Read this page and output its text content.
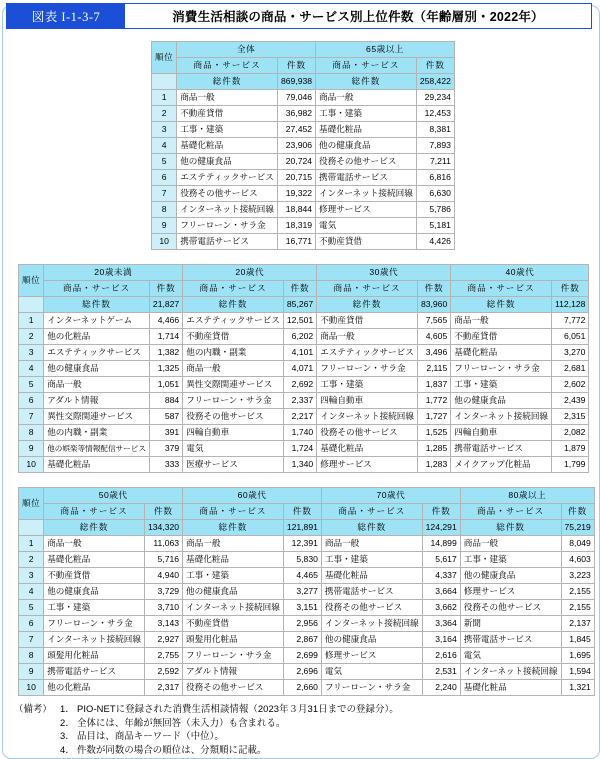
図表 I-1-3-7	消費生活相談の商品・サービス別上位件数（年齢層別・2022年）
順位	全体		65歳以上	
	商品・サービス	件数	商品・サービス	件数
	総件数	869,938	総件数	258,422
1	商品一般	79,046	商品一般	29,234
2	不動産貸借	36,982	工事・建築	12,453
3	工事・建築	27,452	基礎化粧品	8,381
4	基礎化粧品	23,906	他の健康食品	7,893
5	他の健康食品	20,724	役務その他サービス	7,211
6	エステティックサービス	20,715	携帯電話サービス	6,816
7	役務その他サービス	19,322	インターネット接続回線	6,630
8	インターネット接続回線	18,844	修理サービス	5,786
9	フリーローン・サラ金	18,319	電気	5,181
10	携帯電話サービス	16,771	不動産貸借	4,426
順位	20歳未満		20歳代		30歳代		40歳代	
	商品・サービス	件数	商品・サービス	件数	商品・サービス	件数	商品・サービス	件数
	総件数	21,827	総件数	85,267	総件数	83,960	総件数	112,128
1	インターネットゲーム	4,466	エステティックサービス	12,501	不動産貸借	7,565	商品一般	7,772
2	他の化粧品	1,714	不動産貸借	6,202	商品一般	4,605	不動産貸借	6,051
3	エステティックサービス	1,382	他の内職・副業	4,101	エステティックサービス	3,496	基礎化粧品	3,270
4	他の健康食品	1,325	商品一般	4,071	フリーローン・サラ金	2,115	フリーローン・サラ金	2,681
5	商品一般	1,051	異性交際関連サービス	2,692	工事・建築	1,837	工事・建築	2,602
6	アダルト情報	884	フリーローン・サラ金	2,337	四輪自動車	1,772	他の健康食品	2,439
7	異性交際関連サービス	587	役務その他サービス	2,217	インターネット接続回線	1,727	インターネット接続回線	2,315
8	他の内職・副業	391	四輪自動車	1,740	役務その他サービス	1,525	四輪自動車	2,082
9	他の娯楽等情報配信サービス	379	電気	1,724	基礎化粧品	1,285	携帯電話サービス	1,879
10	基礎化粧品	333	医療サービス	1,340	修理サービス	1,283	メイクアップ化粧品	1,799
順位	50歳代		60歳代		70歳代		80歳以上	
	商品・サービス	件数	商品・サービス	件数	商品・サービス	件数	商品・サービス	件数
	総件数	134,320	総件数	121,891	総件数	124,291	総件数	75,219
1	商品一般	11,063	商品一般	12,391	商品一般	14,899	商品一般	8,049
2	基礎化粧品	5,716	基礎化粧品	5,830	工事・建築	5,617	工事・建築	4,603
3	不動産貸借	4,940	工事・建築	4,465	基礎化粧品	4,337	他の健康食品	3,223
4	他の健康食品	3,729	他の健康食品	3,277	携帯電話サービス	3,664	修理サービス	2,155
5	工事・建築	3,710	インターネット接続回線	3,151	役務その他サービス	3,662	役務その他サービス	2,155
6	フリーローン・サラ金	3,143	不動産貸借	2,956	インターネット接続回線	3,364	新聞	2,137
7	インターネット接続回線	2,927	頭髪用化粧品	2,867	他の健康食品	3,164	携帯電話サービス	1,845
8	頭髪用化粧品	2,755	フリーローン・サラ金	2,699	修理サービス	2,616	電気	1,695
9	携帯電話サービス	2,592	アダルト情報	2,696	電気	2,531	インターネット接続回線	1,594
10	他の化粧品	2,317	役務その他サービス	2,660	フリーローン・サラ金	2,240	基礎化粧品	1,321
（備考） 1． PIO-NETに登録された消費生活相談情報（2023年３月31日までの登録分）。
2． 全体には、年齢が無回答（未入力）も含まれる。
3． 品目は、商品キーワード（中位）。
4． 件数が同数の場合の順位は、分類順に記載。
